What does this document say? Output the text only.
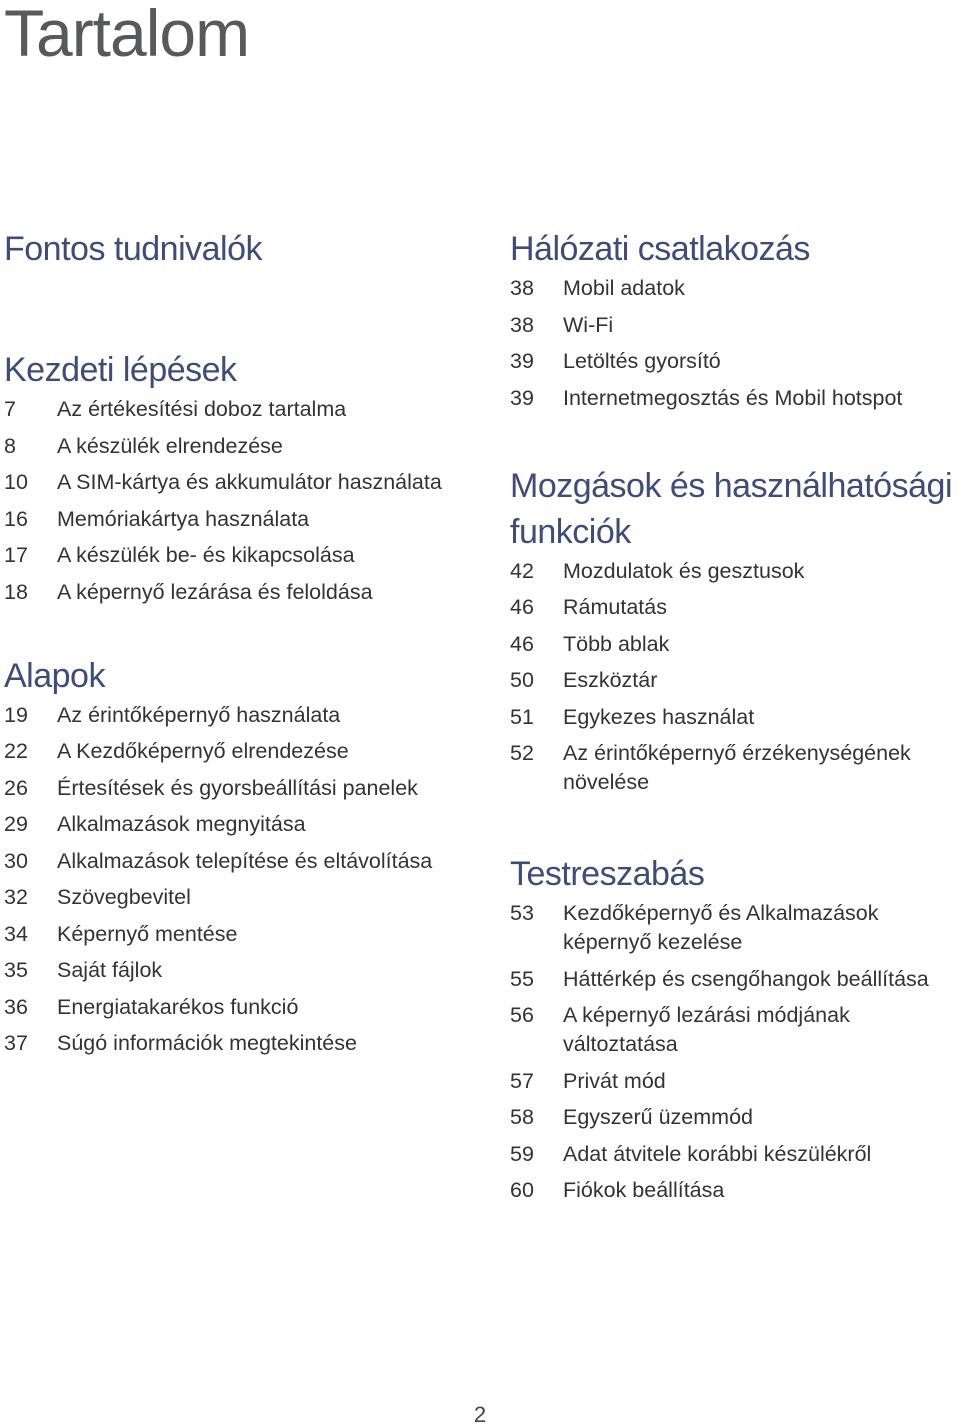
Tartalom
Fontos tudnivalók
Kezdeti lépések
7	Az értékesítési doboz tartalma
8	A készülék elrendezése
10	A SIM-kártya és akkumulátor használata
16	Memóriakártya használata
17	A készülék be- és kikapcsolása
18	A képernyő lezárása és feloldása
Alapok
19	Az érintőképernyő használata
22	A Kezdőképernyő elrendezése
26	Értesítések és gyorsbeállítási panelek
29	Alkalmazások megnyitása
30	Alkalmazások telepítése és eltávolítása
32	Szövegbevitel
34	Képernyő mentése
35	Saját fájlok
36	Energiatakarékos funkció
37	Súgó információk megtekintése
Hálózati csatlakozás
38	Mobil adatok
38	Wi-Fi
39	Letöltés gyorsító
39	Internetmegosztás és Mobil hotspot
Mozgások és használhatósági funkciók
42	Mozdulatok és gesztusok
46	Rámutatás
46	Több ablak
50	Eszköztár
51	Egykezes használat
52	Az érintőképernyő érzékenységének növelése
Testreszabás
53	Kezdőképernyő és Alkalmazások képernyő kezelése
55	Háttérkép és csengőhangok beállítása
56	A képernyő lezárási módjának változtatása
57	Privát mód
58	Egyszerű üzemmód
59	Adat átvitele korábbi készülékről
60	Fiókok beállítása
2
